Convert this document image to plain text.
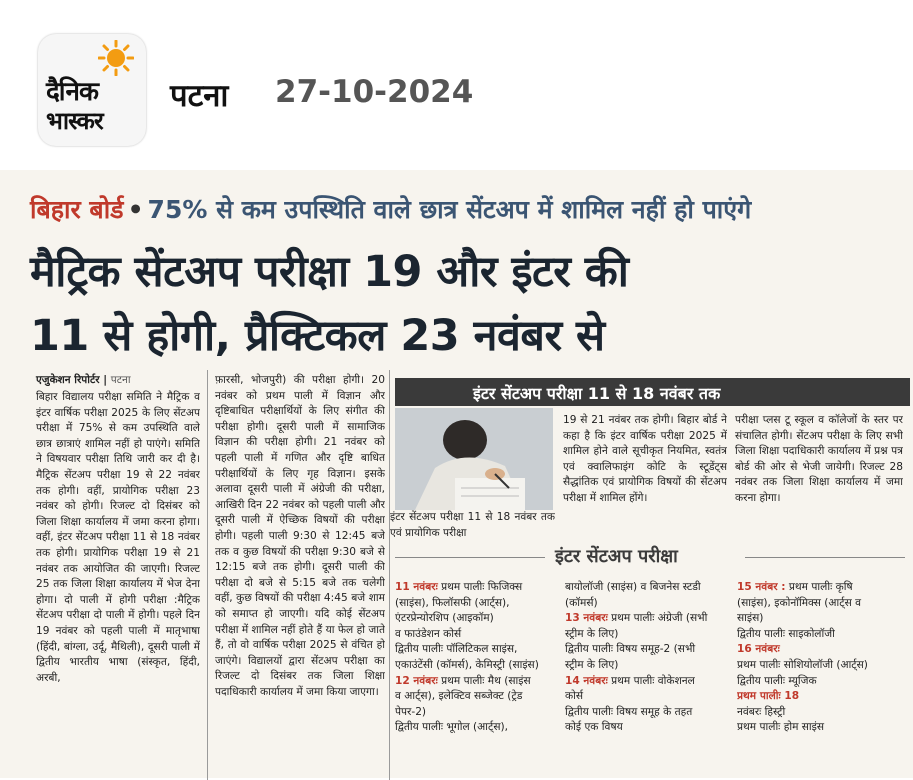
दैनिक
भास्कर
पटना 27-10-2024
बिहार बोर्ड • 75% से कम उपस्थिति वाले छात्र सेंटअप में शामिल नहीं हो पाएंगे
मैट्रिक सेंटअप परीक्षा 19 और इंटर की
11 से होगी, प्रैक्टिकल 23 नवंबर से
एजुकेशन रिपोर्टर | पटना
बिहार विद्यालय परीक्षा समिति ने मैट्रिक व इंटर वार्षिक परीक्षा 2025 के लिए सेंटअप परीक्षा में 75% से कम उपस्थिति वाले छात्र छात्राएं शामिल नहीं हो पाएंगे। समिति ने विषयवार परीक्षा तिथि जारी कर दी है। मैट्रिक सेंटअप परीक्षा 19 से 22 नवंबर तक होगी। वहीं, प्रायोगिक परीक्षा 23 नवंबर को होगी। रिजल्ट दो दिसंबर को जिला शिक्षा कार्यालय में जमा करना होगा। वहीं, इंटर सेंटअप परीक्षा 11 से 18 नवंबर तक होगी। प्रायोगिक परीक्षा 19 से 21 नवंबर तक आयोजित की जाएगी। रिजल्ट 25 तक जिला शिक्षा कार्यालय में भेज देना होगा। दो पाली में होगी परीक्षा :मैट्रिक सेंटअप परीक्षा दो पाली में होगी। पहले दिन 19 नवंबर को पहली पाली में मातृभाषा (हिंदी, बांग्ला, उर्दू, मैथिली), दूसरी पाली में द्वितीय भारतीय भाषा (संस्कृत, हिंदी, अरबी,
फ़ारसी, भोजपुरी) की परीक्षा होगी। 20 नवंबर को प्रथम पाली में विज्ञान और दृष्टिबाधित परीक्षार्थियों के लिए संगीत की परीक्षा होगी। दूसरी पाली में सामाजिक विज्ञान की परीक्षा होगी। 21 नवंबर को पहली पाली में गणित और दृष्टि बाधित परीक्षार्थियों के लिए गृह विज्ञान। इसके अलावा दूसरी पाली में अंग्रेजी की परीक्षा, आखिरी दिन 22 नवंबर को पहली पाली और दूसरी पाली में ऐच्छिक विषयों की परीक्षा होगी। पहली पाली 9:30 से 12:45 बजे तक व कुछ विषयों की परीक्षा 9:30 बजे से 12:15 बजे तक होगी। दूसरी पाली की परीक्षा दो बजे से 5:15 बजे तक चलेगी वहीं, कुछ विषयों की परीक्षा 4:45 बजे शाम को समाप्त हो जाएगी। यदि कोई सेंटअप परीक्षा में शामिल नहीं होते हैं या फेल हो जाते हैं, तो वो वार्षिक परीक्षा 2025 से वंचित हो जाएंगे। विद्यालयों द्वारा सेंटअप परीक्षा का रिजल्ट दो दिसंबर तक जिला शिक्षा पदाधिकारी कार्यालय में जमा किया जाएगा।
इंटर सेंटअप परीक्षा 11 से 18 नवंबर तक
इंटर सेंटअप परीक्षा 11 से 18 नवंबर तक एवं प्रायोगिक परीक्षा
19 से 21 नवंबर तक होगी। बिहार बोर्ड ने कहा है कि इंटर वार्षिक परीक्षा 2025 में शामिल होने वाले सूचीकृत नियमित, स्वतंत्र एवं क्वालिफाइंग कोटि के स्टूडेंट्स सैद्धांतिक एवं प्रायोगिक विषयों की सेंटअप परीक्षा में शामिल होंगे।
परीक्षा प्लस टू स्कूल व कॉलेजों के स्तर पर संचालित होगी। सेंटअप परीक्षा के लिए सभी जिला शिक्षा पदाधिकारी कार्यालय में प्रश्न पत्र बोर्ड की ओर से भेजी जायेगी। रिजल्ट 28 नवंबर तक जिला शिक्षा कार्यालय में जमा करना होगा।
इंटर सेंटअप परीक्षा
11 नवंबरः प्रथम पालीः फिजिक्स
(साइंस), फिलॉसफी (आर्ट्स),
एंटरप्रेन्योरशिप (आइकॉम)
व फाउंडेशन कोर्स
द्वितीय पालीः पॉलिटिकल साइंस,
एकाउंटेंसी (कॉमर्स), केमिस्ट्री (साइंस)
12 नवंबरः प्रथम पालीः मैथ (साइंस
व आर्ट्स), इलेक्टिव सब्जेक्ट (ट्रेड
पेपर-2)
द्वितीय पालीः भूगोल (आर्ट्स),
बायोलॉजी (साइंस) व बिजनेस स्टडी
(कॉमर्स)
13 नवंबरः प्रथम पालीः अंग्रेजी (सभी
स्ट्रीम के लिए)
द्वितीय पालीः विषय समूह-2 (सभी
स्ट्रीम के लिए)
14 नवंबरः प्रथम पालीः वोकेशनल
कोर्स
द्वितीय पालीः विषय समूह के तहत
कोई एक विषय
15 नवंबर : प्रथम पालीः कृषि
(साइंस), इकोनॉमिक्स (आर्ट्स व
साइंस)
द्वितीय पालीः साइकोलॉजी
16 नवंबरः
प्रथम पालीः सोशियोलॉजी (आर्ट्स)
द्वितीय पालीः म्यूजिक
प्रथम पालीः 18
नवंबरः हिस्ट्री
प्रथम पालीः होम साइंस
